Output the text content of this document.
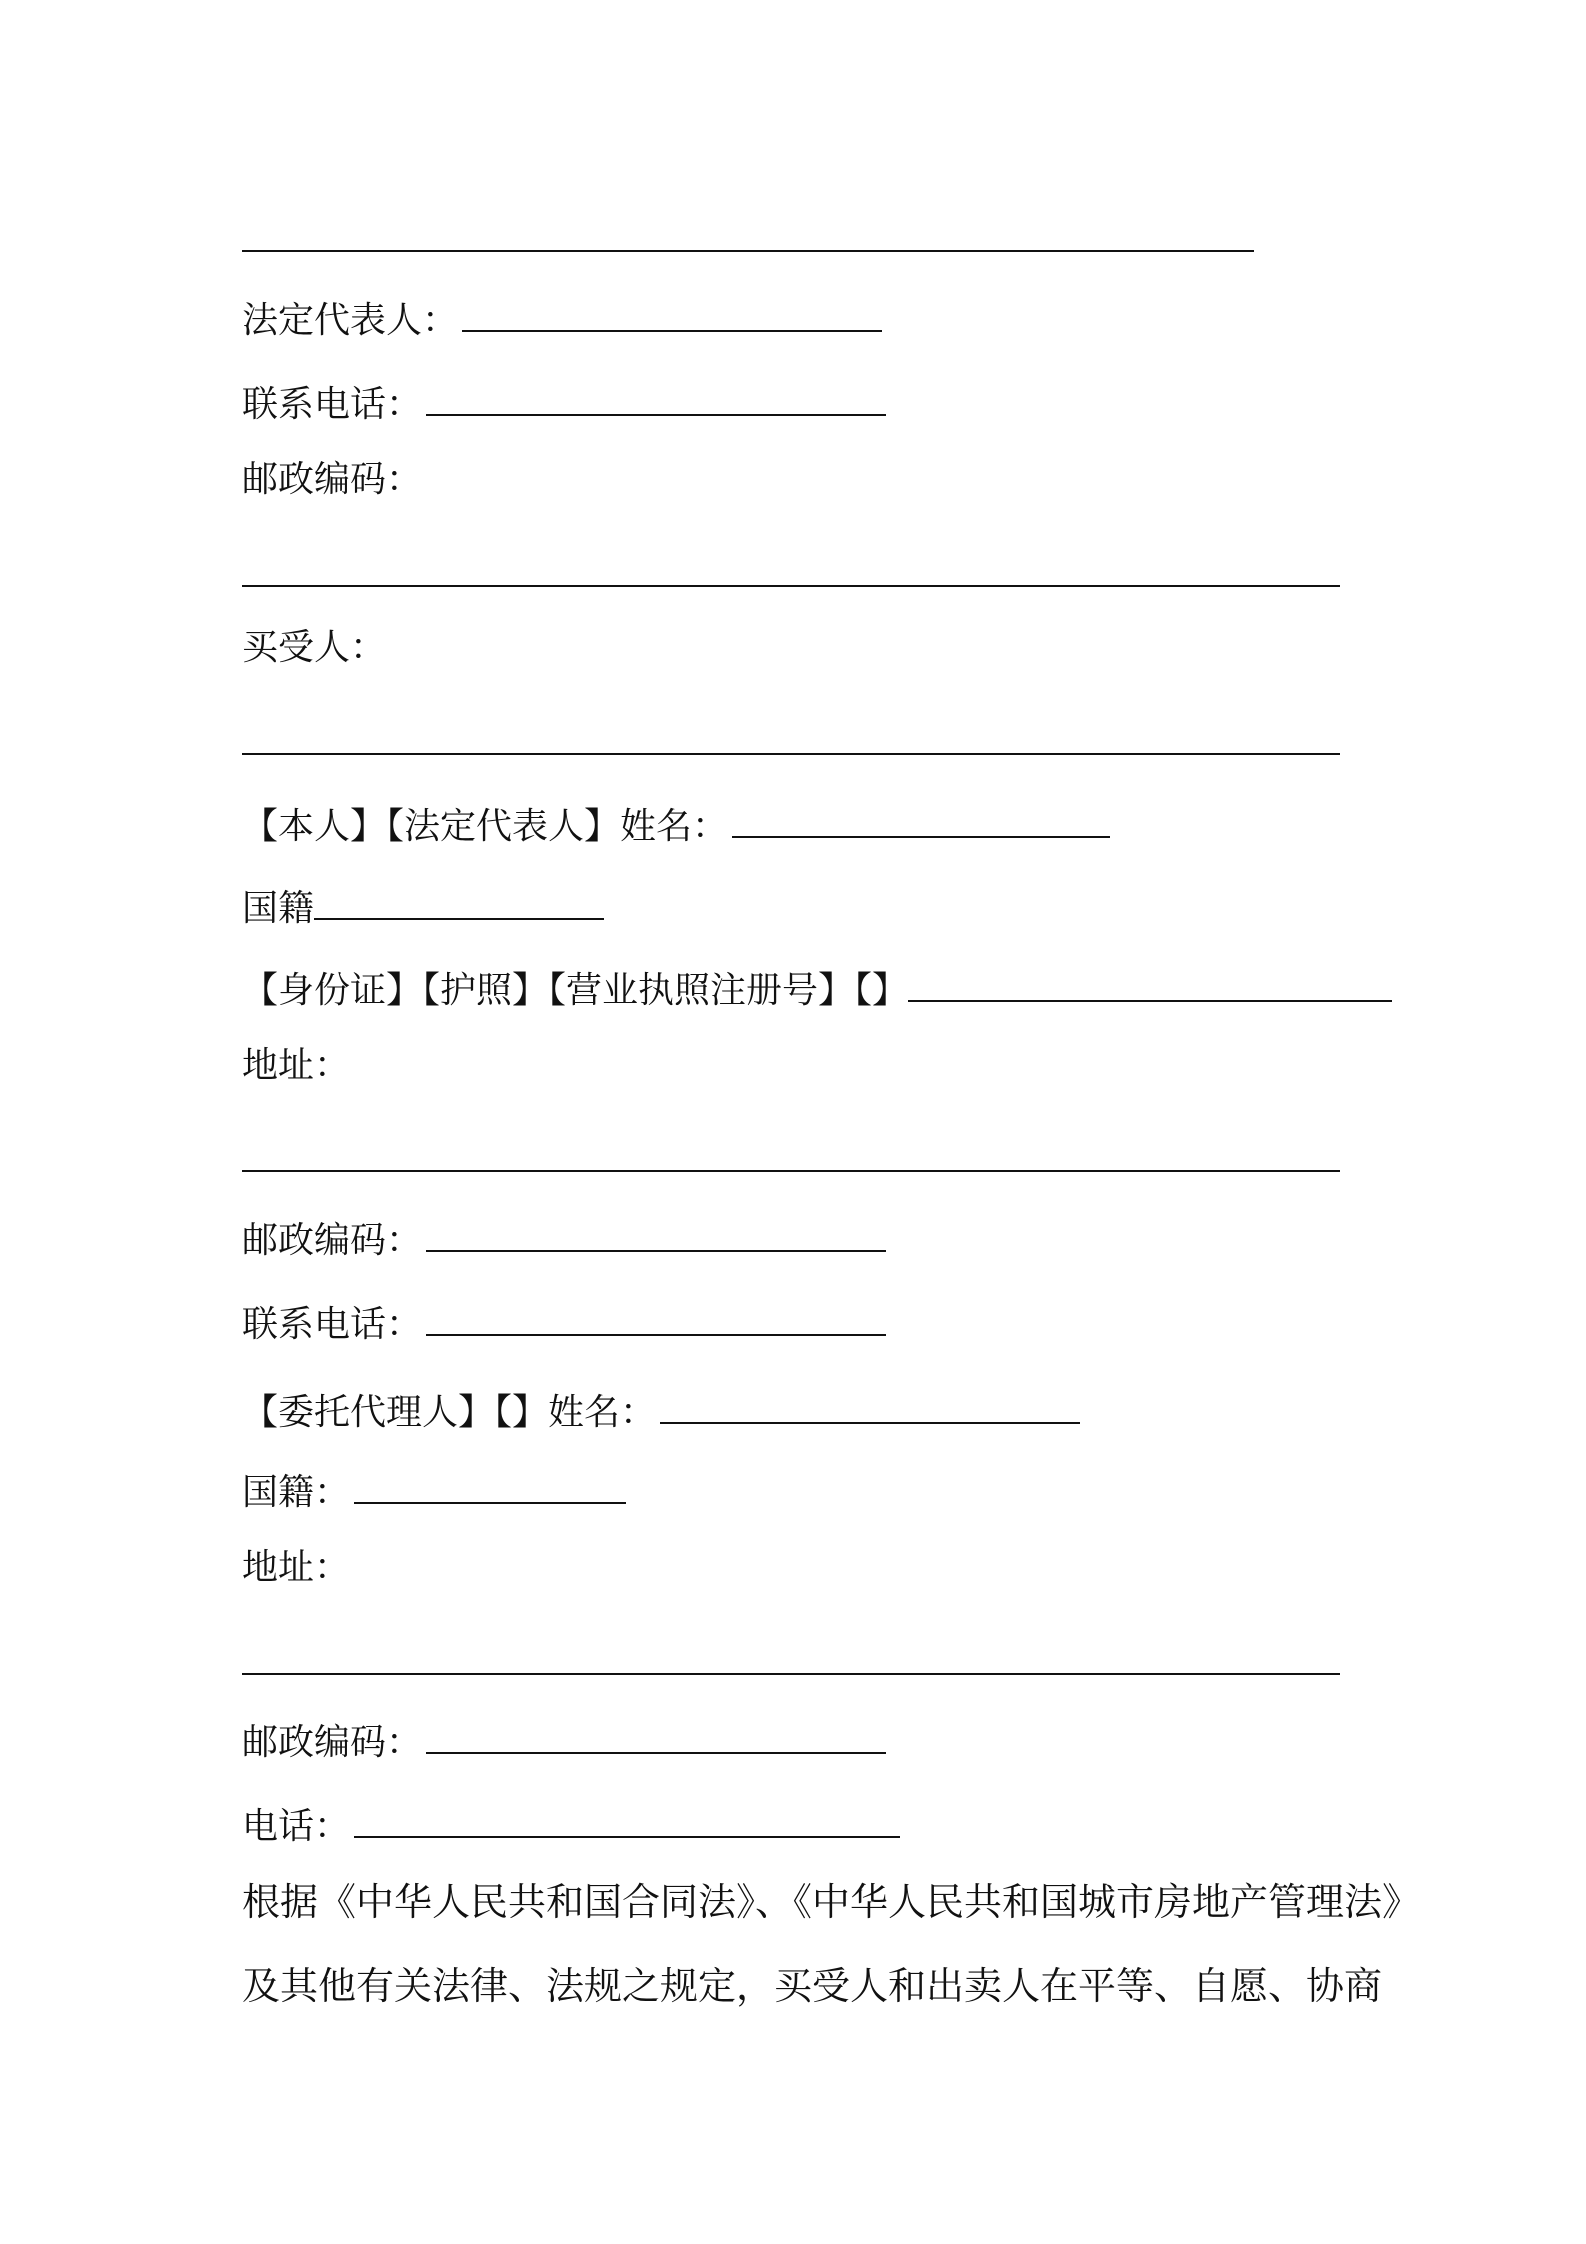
法定代表人：
联系电话：
邮政编码：
买受人：
【本人】【法定代表人】姓名：
国籍
【身份证】【护照】【营业执照注册号】【】
地址：
邮政编码：
联系电话：
【委托代理人】【】姓名：
国籍：
地址：
邮政编码：
电话：
根据《中华人民共和国合同法》、《中华人民共和国城市房地产管理法》
及其他有关法律、法规之规定，买受人和出卖人在平等、自愿、协商
